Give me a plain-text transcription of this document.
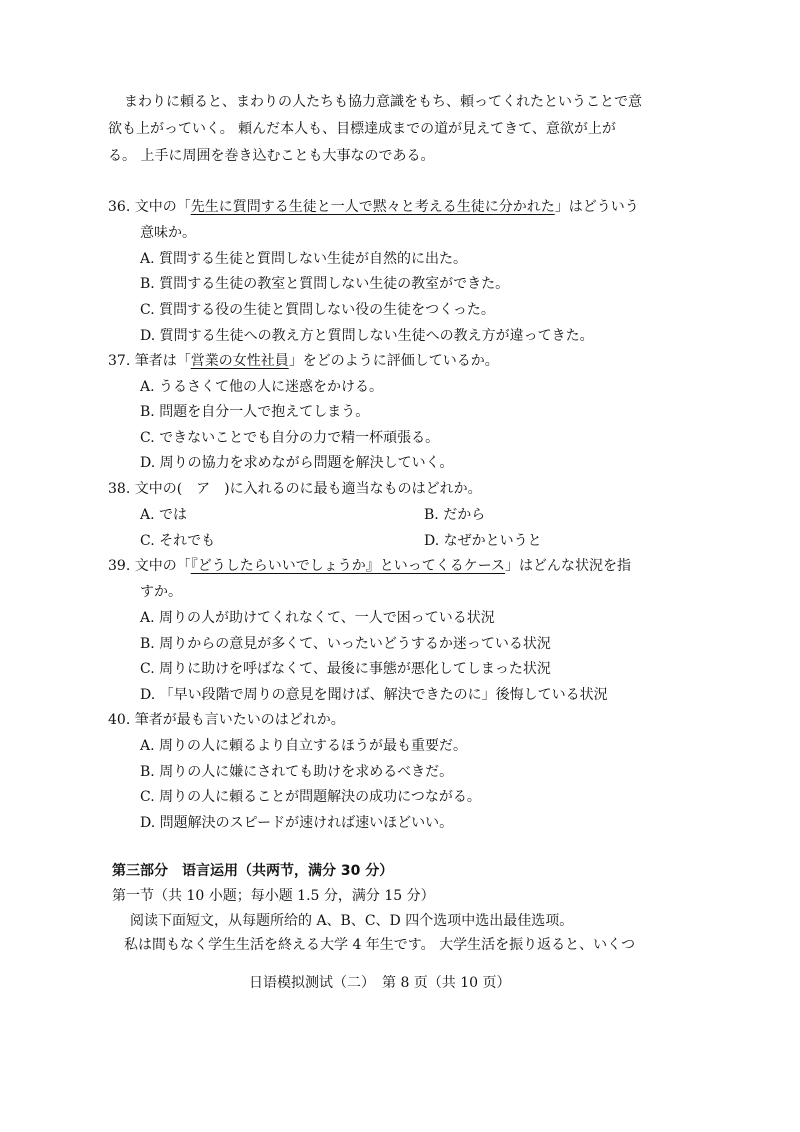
まわりに頼ると、まわりの人たちも協力意識をもち、頼ってくれたということで意
欲も上がっていく。 頼んだ本人も、目標達成までの道が見えてきて、意欲が上が
る。 上手に周囲を巻き込むことも大事なのである。
36. 文中の「先生に質問する生徒と一人で黙々と考える生徒に分かれた」はどういう
意味か。
A. 質問する生徒と質問しない生徒が自然的に出た。
B. 質問する生徒の教室と質問しない生徒の教室ができた。
C. 質問する役の生徒と質問しない役の生徒をつくった。
D. 質問する生徒への教え方と質問しない生徒への教え方が違ってきた。
37. 筆者は「営業の女性社員」をどのように評価しているか。
A. うるさくて他の人に迷惑をかける。
B. 問題を自分一人で抱えてしまう。
C. できないことでも自分の力で精一杯頑張る。
D. 周りの協力を求めながら問題を解決していく。
38. 文中の(　ア　)に入れるのに最も適当なものはどれか。
A. では	B. だから
C. それでも	D. なぜかというと
39. 文中の「『どうしたらいいでしょうか』といってくるケース」はどんな状況を指
すか。
A. 周りの人が助けてくれなくて、一人で困っている状況
B. 周りからの意見が多くて、いったいどうするか迷っている状況
C. 周りに助けを呼ばなくて、最後に事態が悪化してしまった状況
D. 「早い段階で周りの意見を聞けば、解決できたのに」後悔している状況
40. 筆者が最も言いたいのはどれか。
A. 周りの人に頼るより自立するほうが最も重要だ。
B. 周りの人に嫌にされても助けを求めるべきだ。
C. 周りの人に頼ることが問題解決の成功につながる。
D. 問題解決のスピードが速ければ速いほどいい。
第三部分　语言运用（共两节，满分 30 分）
第一节（共 10 小题；每小题 1.5 分，满分 15 分）
阅读下面短文，从每题所给的 A、B、C、D 四个选项中选出最佳选项。
私は間もなく学生生活を終える大学 4 年生です。 大学生活を振り返ると、いくつ
日语模拟测试（二）　第 8 页（共 10 页）
